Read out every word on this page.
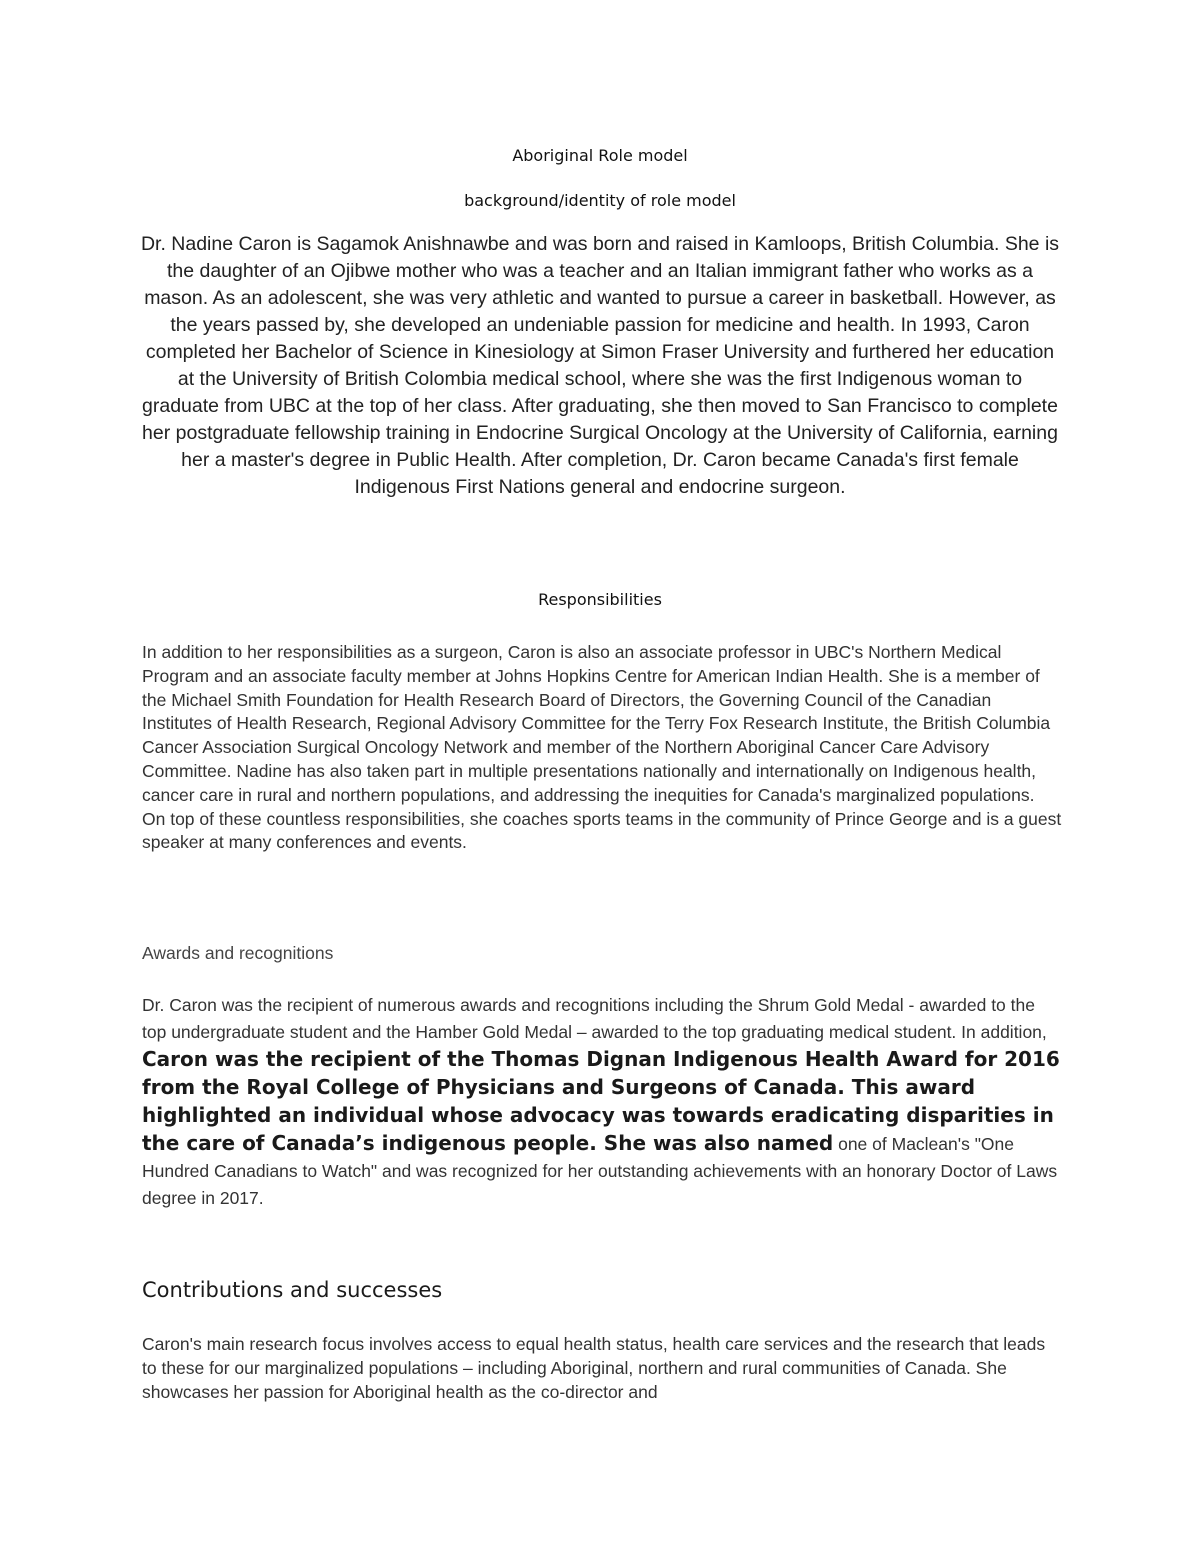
Aboriginal Role model

background/identity of role model

Dr. Nadine Caron is Sagamok Anishnawbe and was born and raised in Kamloops, British Columbia. She is the daughter of an Ojibwe mother who was a teacher and an Italian immigrant father who works as a mason. As an adolescent, she was very athletic and wanted to pursue a career in basketball. However, as the years passed by, she developed an undeniable passion for medicine and health. In 1993, Caron completed her Bachelor of Science in Kinesiology at Simon Fraser University and furthered her education at the University of British Colombia medical school, where she was the first Indigenous woman to graduate from UBC at the top of her class. After graduating, she then moved to San Francisco to complete her postgraduate fellowship training in Endocrine Surgical Oncology at the University of California, earning her a master's degree in Public Health. After completion, Dr. Caron became Canada's first female Indigenous First Nations general and endocrine surgeon.

Responsibilities

In addition to her responsibilities as a surgeon, Caron is also an associate professor in UBC's Northern Medical Program and an associate faculty member at Johns Hopkins Centre for American Indian Health. She is a member of the Michael Smith Foundation for Health Research Board of Directors, the Governing Council of the Canadian Institutes of Health Research, Regional Advisory Committee for the Terry Fox Research Institute, the British Columbia Cancer Association Surgical Oncology Network and member of the Northern Aboriginal Cancer Care Advisory Committee. Nadine has also taken part in multiple presentations nationally and internationally on Indigenous health, cancer care in rural and northern populations, and addressing the inequities for Canada's marginalized populations. On top of these countless responsibilities, she coaches sports teams in the community of Prince George and is a guest speaker at many conferences and events.

Awards and recognitions

Dr. Caron was the recipient of numerous awards and recognitions including the Shrum Gold Medal - awarded to the top undergraduate student and the Hamber Gold Medal – awarded to the top graduating medical student. In addition, Caron was the recipient of the Thomas Dignan Indigenous Health Award for 2016 from the Royal College of Physicians and Surgeons of Canada. This award highlighted an individual whose advocacy was towards eradicating disparities in the care of Canada’s indigenous people. She was also named one of Maclean's "One Hundred Canadians to Watch" and was recognized for her outstanding achievements with an honorary Doctor of Laws degree in 2017.

Contributions and successes

Caron's main research focus involves access to equal health status, health care services and the research that leads to these for our marginalized populations – including Aboriginal, northern and rural communities of Canada. She showcases her passion for Aboriginal health as the co-director and
